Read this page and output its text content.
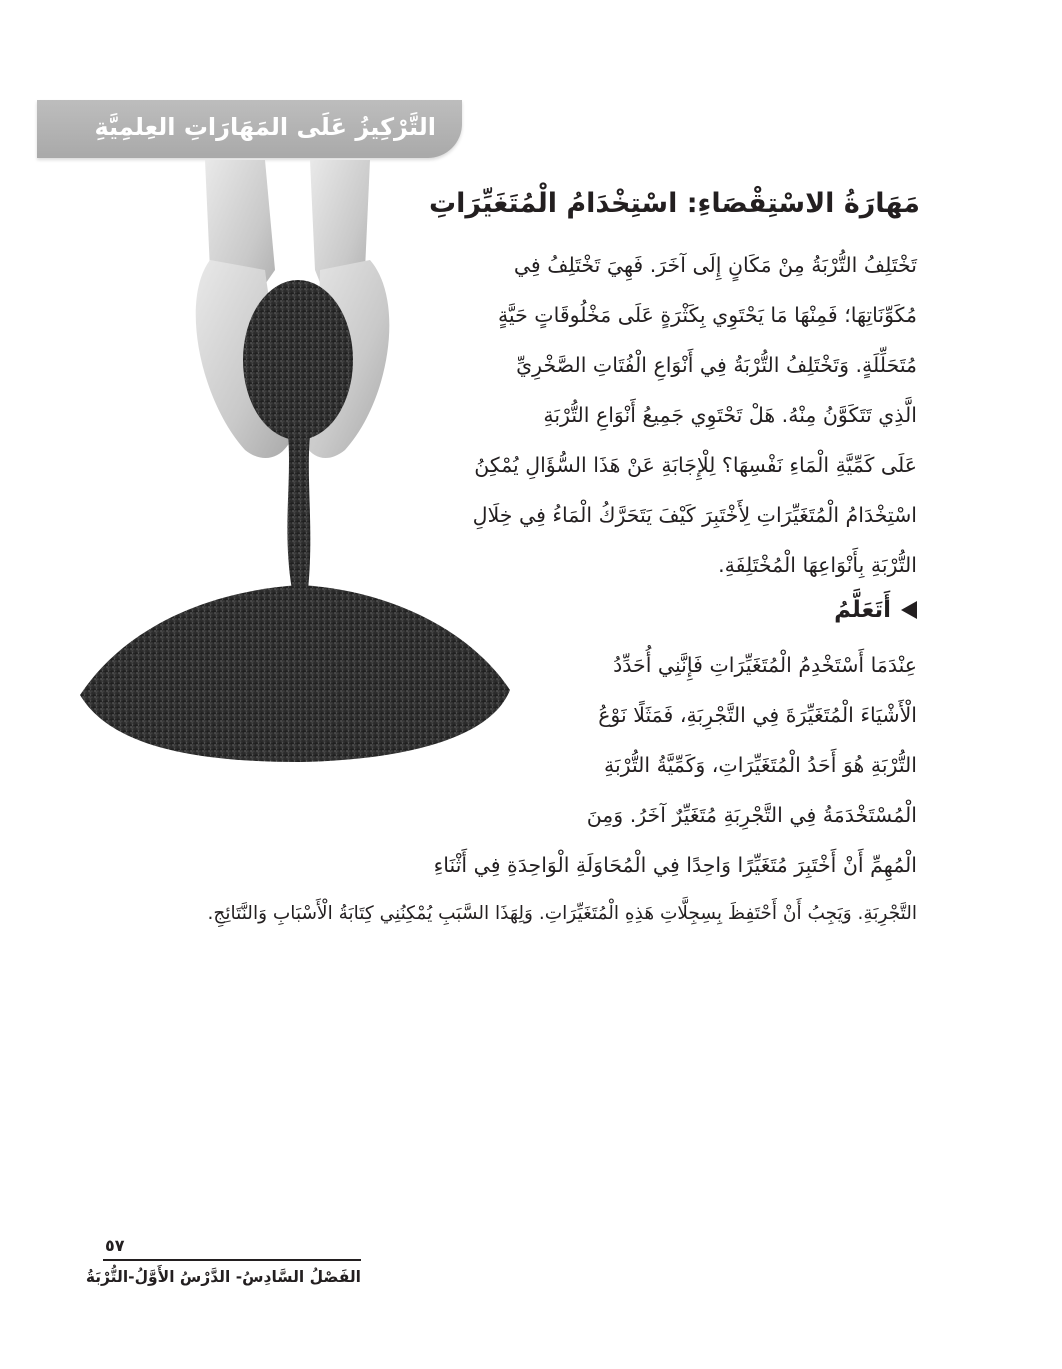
التَّرْكِيزُ عَلَى المَهَارَاتِ العِلمِيَّةِ
مَهَارَةُ الاسْتِقْصَاءِ: اسْتِخْدَامُ الْمُتَغَيِّرَاتِ
تَخْتَلِفُ التُّرْبَةُ مِنْ مَكَانٍ إِلَى آخَرَ. فَهِيَ تَخْتَلِفُ فِي
مُكَوِّنَاتِهَا؛ فَمِنْهَا مَا يَحْتَوِي بِكَثْرَةٍ عَلَى مَخْلُوقَاتٍ حَيَّةٍ
مُتَحَلِّلَةٍ. وَتَخْتَلِفُ التُّرْبَةُ فِي أَنْوَاعِ الْفُتَاتِ الصَّخْرِيِّ
الَّذِي تَتَكَوَّنُ مِنْهُ. هَلْ تَحْتَوِي جَمِيعُ أَنْوَاعِ التُّرْبَةِ
عَلَى كَمِّيَّةِ الْمَاءِ نَفْسِهَا؟ لِلْإِجَابَةِ عَنْ هَذَا السُّؤَالِ يُمْكِنُ
اسْتِخْدَامُ الْمُتَغَيِّرَاتِ لِأَخْتَبِرَ كَيْفَ يَتَحَرَّكُ الْمَاءُ فِي خِلَالِ
التُّرْبَةِ بِأَنْوَاعِهَا الْمُخْتَلِفَةِ.
أَتَعَلَّمُ
عِنْدَمَا أَسْتَخْدِمُ الْمُتَغَيِّرَاتِ فَإِنَّنِي أُحَدِّدُ
الْأَشْيَاءَ الْمُتَغَيِّرَةَ فِي التَّجْرِبَةِ، فَمَثَلًا نَوْعُ
التُّرْبَةِ هُوَ أَحَدُ الْمُتَغَيِّرَاتِ، وَكَمِّيَّةُ التُّرْبَةِ
الْمُسْتَخْدَمَةُ فِي التَّجْرِبَةِ مُتَغَيِّرٌ آخَرُ. وَمِنَ
الْمُهِمِّ أَنْ أَخْتَبِرَ مُتَغَيِّرًا وَاحِدًا فِي الْمُحَاوَلَةِ الْوَاحِدَةِ فِي أَثْنَاءِ
التَّجْرِبَةِ. وَيَجِبُ أَنْ أَحْتَفِظَ بِسِجِلَّاتِ هَذِهِ الْمُتَغَيِّرَاتِ. وَلِهَذَا السَّبَبِ يُمْكِنُنِي كِتَابَةُ الْأَسْبَابِ وَالنَّتَائِجِ.
٥٧
الفَصْلُ السَّادِسُ- الدَّرْسُ الأَوَّلُ-التُّرْبَةُ
